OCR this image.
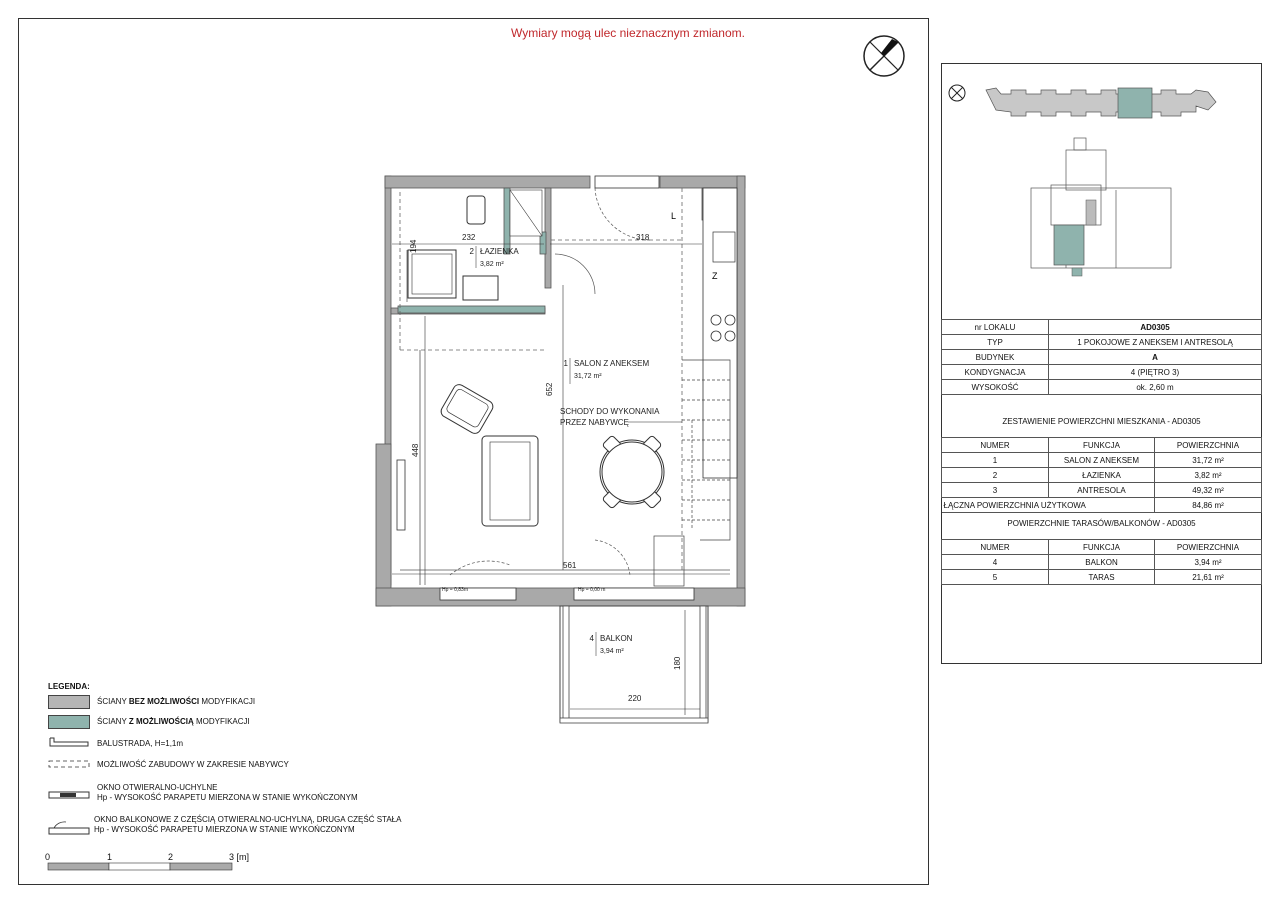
Wymiary mogą ulec nieznacznym zmianom.
Z
L
232	318
194
652
448
561
220
180
Hp = 0,83m	Hp = 0,00 m
2 ŁAZIENKA
3,82 m²
1 SALON Z ANEKSEM
31,72 m²
SCHODY DO WYKONANIA
PRZEZ NABYWCĘ
4 BALKON
3,94 m²
LEGENDA:
ŚCIANY BEZ MOŻLIWOŚCI MODYFIKACJI
ŚCIANY Z MOŻLIWOŚCIĄ MODYFIKACJI
BALUSTRADA, H=1,1m
MOŻLIWOŚĆ ZABUDOWY W ZAKRESIE NABYWCY
OKNO OTWIERALNO-UCHYLNE
Hp - WYSOKOŚĆ PARAPETU MIERZONA W STANIE WYKOŃCZONYM
OKNO BALKONOWE Z CZĘŚCIĄ OTWIERALNO-UCHYLNĄ, DRUGA CZĘŚĆ STAŁA
Hp - WYSOKOŚĆ PARAPETU MIERZONA W STANIE WYKOŃCZONYM
0	1	2	3 [m]
nr LOKALU	AD0305
TYP	1 POKOJOWE Z ANEKSEM I ANTRESOLĄ
BUDYNEK	A
KONDYGNACJA	4 (PIĘTRO 3)
WYSOKOŚĆ	ok. 2,60 m
ZESTAWIENIE POWIERZCHNI MIESZKANIA - AD0305
NUMER	FUNKCJA	POWIERZCHNIA
1	SALON Z ANEKSEM	31,72 m²
2	ŁAZIENKA	3,82 m²
3	ANTRESOLA	49,32 m²
ŁĄCZNA POWIERZCHNIA UŻYTKOWA		84,86 m²
POWIERZCHNIE TARASÓW/BALKONÓW - AD0305
NUMER	FUNKCJA	POWIERZCHNIA
4	BALKON	3,94 m²
5	TARAS	21,61 m²
